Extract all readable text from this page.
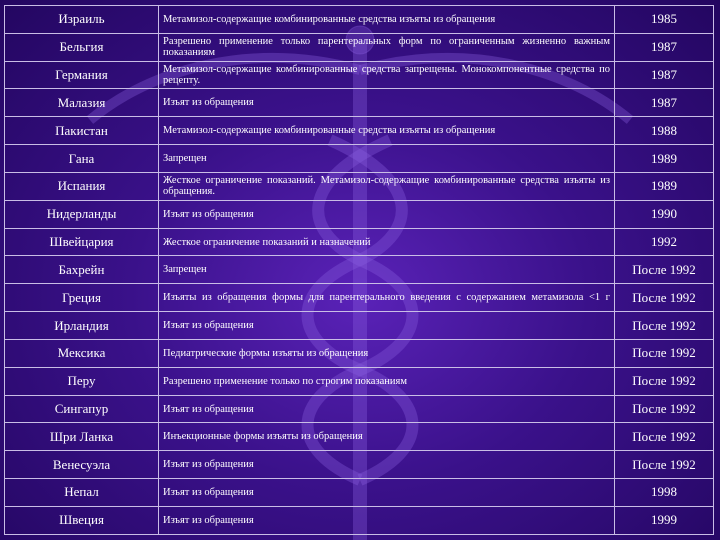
Израиль	Метамизол-содержащие комбинированные средства изъяты из обращения	1985
Бельгия	Разрешено применение только парентеральных форм по ограниченным жизненно важным показаниям	1987
Германия	Метамизол-содержащие комбинированные средства запрещены. Монокомпонентные средства по рецепту.	1987
Малазия	Изъят из обращения	1987
Пакистан	Метамизол-содержащие комбинированные средства изъяты из обращения	1988
Гана	Запрещен	1989
Испания	Жесткое ограничение показаний. Метамизол-содержащие комбинированные средства изъяты из обращения.	1989
Нидерланды	Изъят из обращения	1990
Швейцария	Жесткое ограничение показаний и назначений	1992
Бахрейн	Запрещен	После 1992
Греция	Изъяты из обращения формы для парентерального введения с содержанием метамизола <1 г	После 1992
Ирландия	Изъят из обращения	После 1992
Мексика	Педиатрические формы изъяты из обращения	После 1992
Перу	Разрешено применение только по строгим показаниям	После 1992
Сингапур	Изъят из обращения	После 1992
Шри Ланка	Инъекционные формы изъяты из обращения	После 1992
Венесуэла	Изъят из обращения	После 1992
Непал	Изъят из обращения	1998
Швеция	Изъят из обращения	1999
